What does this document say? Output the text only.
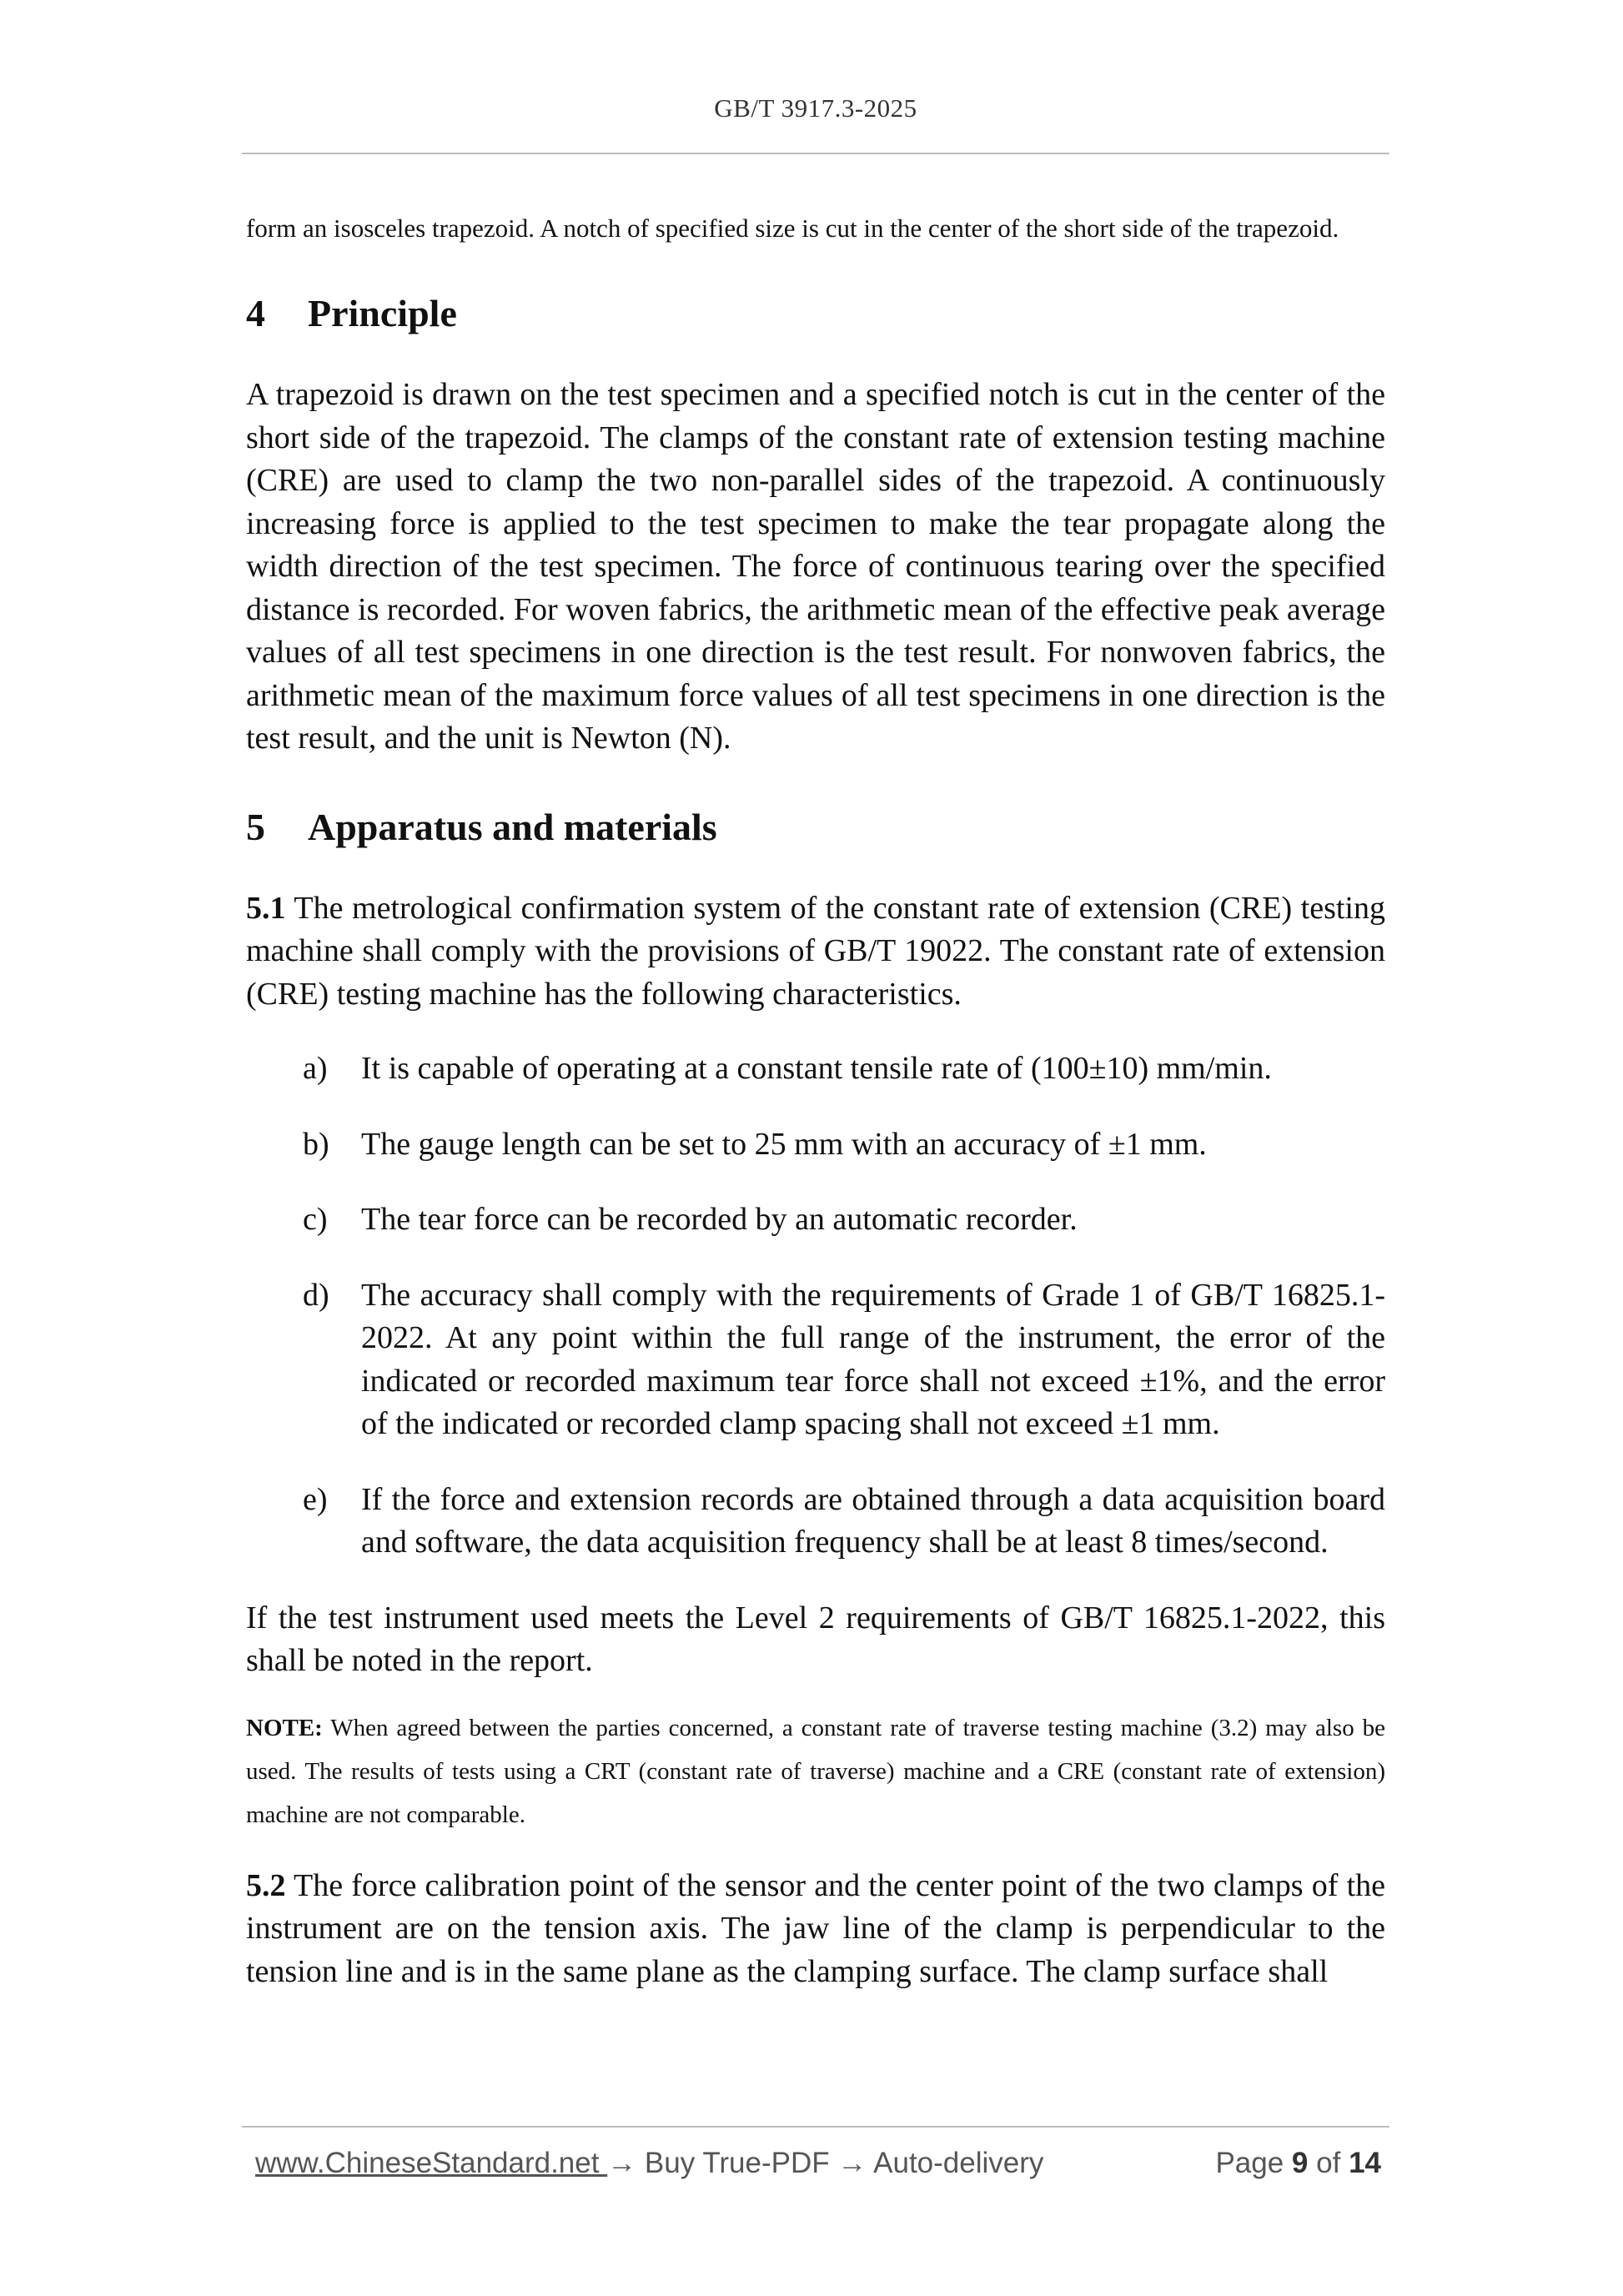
GB/T 3917.3-2025

form an isosceles trapezoid. A notch of specified size is cut in the center of the short side of the trapezoid.

4 Principle

A trapezoid is drawn on the test specimen and a specified notch is cut in the center of the short side of the trapezoid. The clamps of the constant rate of extension testing machine (CRE) are used to clamp the two non-parallel sides of the trapezoid. A continuously increasing force is applied to the test specimen to make the tear propagate along the width direction of the test specimen. The force of continuous tearing over the specified distance is recorded. For woven fabrics, the arithmetic mean of the effective peak average values of all test specimens in one direction is the test result. For nonwoven fabrics, the arithmetic mean of the maximum force values of all test specimens in one direction is the test result, and the unit is Newton (N).

5 Apparatus and materials

5.1 The metrological confirmation system of the constant rate of extension (CRE) testing machine shall comply with the provisions of GB/T 19022. The constant rate of extension (CRE) testing machine has the following characteristics.

a)	It is capable of operating at a constant tensile rate of (100±10) mm/min.
b)	The gauge length can be set to 25 mm with an accuracy of ±1 mm.
c)	The tear force can be recorded by an automatic recorder.
d)	The accuracy shall comply with the requirements of Grade 1 of GB/T 16825.1-2022. At any point within the full range of the instrument, the error of the indicated or recorded maximum tear force shall not exceed ±1%, and the error of the indicated or recorded clamp spacing shall not exceed ±1 mm.
e)	If the force and extension records are obtained through a data acquisition board and software, the data acquisition frequency shall be at least 8 times/second.

If the test instrument used meets the Level 2 requirements of GB/T 16825.1-2022, this shall be noted in the report.

NOTE: When agreed between the parties concerned, a constant rate of traverse testing machine (3.2) may also be used. The results of tests using a CRT (constant rate of traverse) machine and a CRE (constant rate of extension) machine are not comparable.

5.2 The force calibration point of the sensor and the center point of the two clamps of the instrument are on the tension axis. The jaw line of the clamp is perpendicular to the tension line and is in the same plane as the clamping surface. The clamp surface shall

www.ChineseStandard.net → Buy True-PDF → Auto-delivery	Page 9 of 14
